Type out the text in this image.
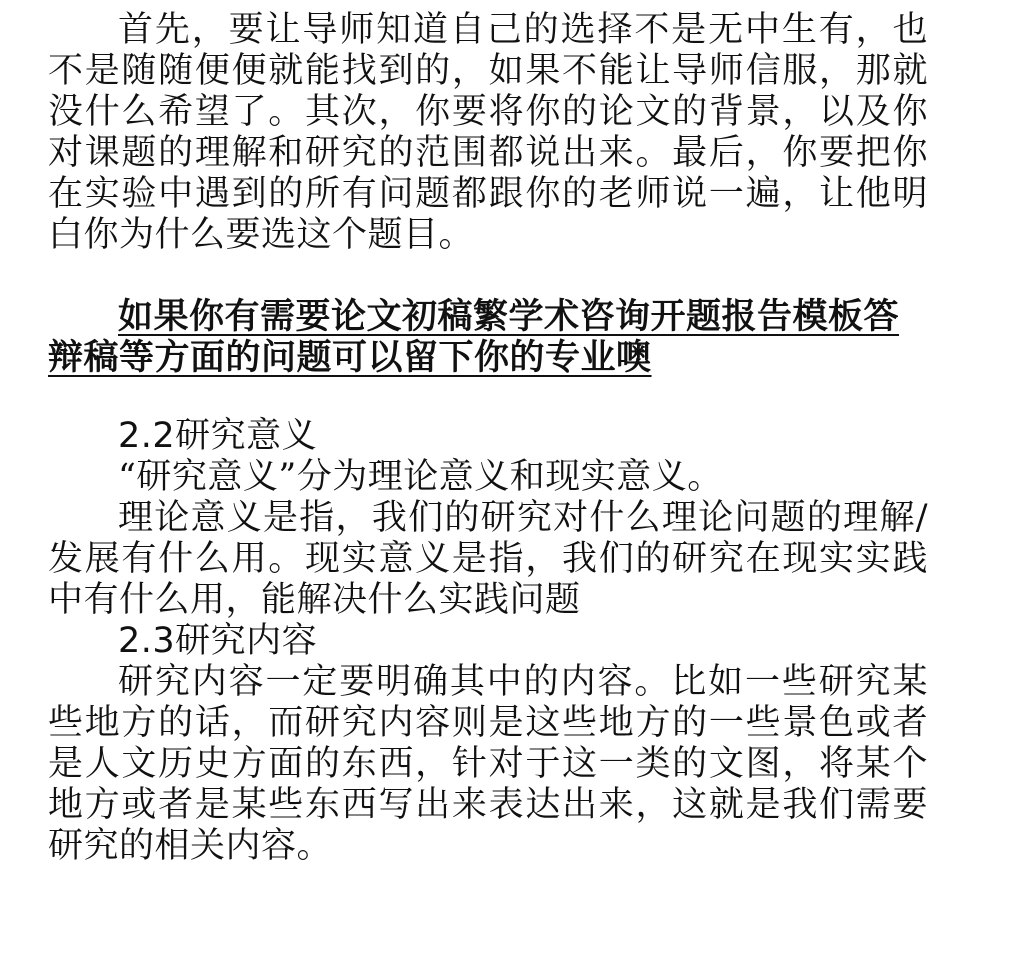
首先，要让导师知道自己的选择不是无中生有，也不是随随便便就能找到的，如果不能让导师信服，那就没什么希望了。其次，你要将你的论文的背景，以及你对课题的理解和研究的范围都说出来。最后，你要把你在实验中遇到的所有问题都跟你的老师说一遍，让他明白你为什么要选这个题目。

如果你有需要论文初稿繁学术咨询开题报告模板答辩稿等方面的问题可以留下你的专业噢

2.2研究意义

“研究意义”分为理论意义和现实意义。

理论意义是指，我们的研究对什么理论问题的理解/发展有什么用。现实意义是指，我们的研究在现实实践中有什么用，能解决什么实践问题

2.3研究内容

研究内容一定要明确其中的内容。比如一些研究某些地方的话，而研究内容则是这些地方的一些景色或者是人文历史方面的东西，针对于这一类的文图，将某个地方或者是某些东西写出来表达出来，这就是我们需要研究的相关内容。
